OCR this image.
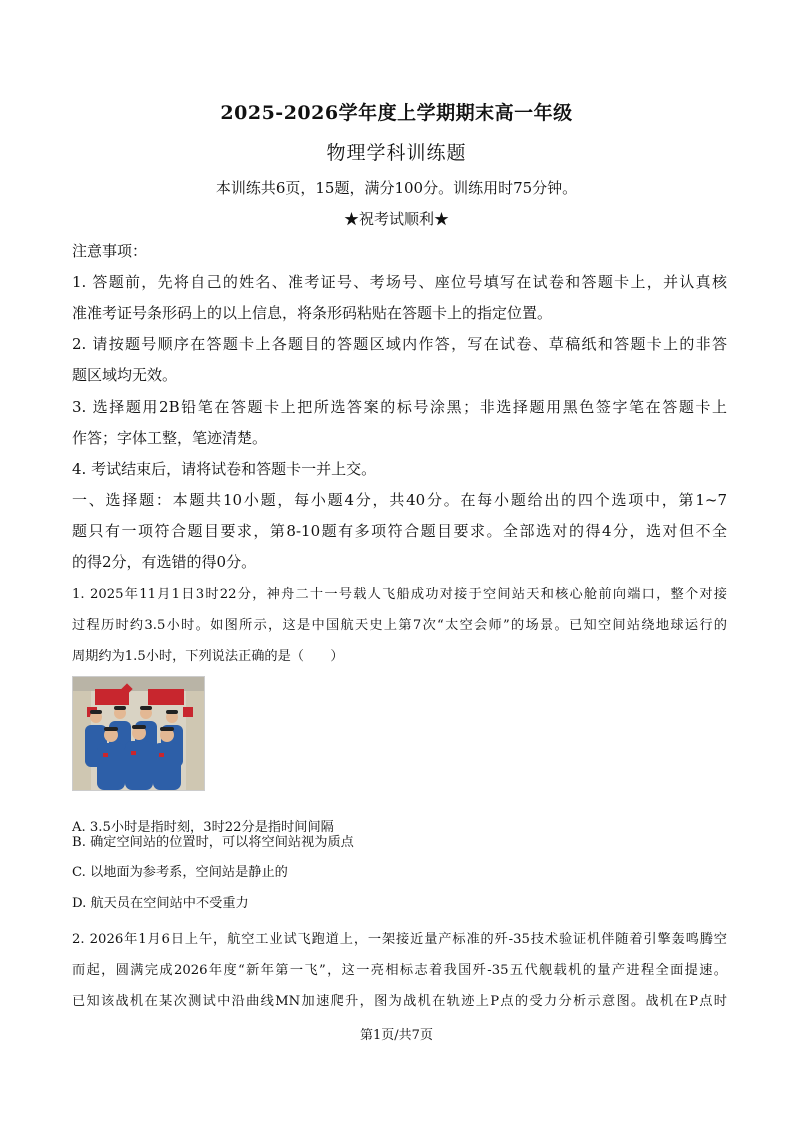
2025-2026学年度上学期期末高一年级
物理学科训练题
本训练共6页，15题，满分100分。训练用时75分钟。
★祝考试顺利★
注意事项：
1. 答题前，先将自己的姓名、准考证号、考场号、座位号填写在试卷和答题卡上，并认真核
准准考证号条形码上的以上信息，将条形码粘贴在答题卡上的指定位置。
2. 请按题号顺序在答题卡上各题目的答题区域内作答，写在试卷、草稿纸和答题卡上的非答
题区域均无效。
3. 选择题用2B铅笔在答题卡上把所选答案的标号涂黑；非选择题用黑色签字笔在答题卡上
作答；字体工整，笔迹清楚。
4. 考试结束后，请将试卷和答题卡一并上交。
一、选择题：本题共10小题，每小题4分，共40分。在每小题给出的四个选项中，第1~7
题只有一项符合题目要求，第8-10题有多项符合题目要求。全部选对的得4分，选对但不全
的得2分，有选错的得0分。
1. 2025年11月1日3时22分，神舟二十一号载人飞船成功对接于空间站天和核心舱前向端口，整个对接
过程历时约3.5小时。如图所示，这是中国航天史上第7次“太空会师”的场景。已知空间站绕地球运行的
周期约为1.5小时，下列说法正确的是（　　）
A. 3.5小时是指时刻，3时22分是指时间间隔
B. 确定空间站的位置时，可以将空间站视为质点
C. 以地面为参考系，空间站是静止的
D. 航天员在空间站中不受重力
2. 2026年1月6日上午，航空工业试飞跑道上，一架接近量产标准的歼-35技术验证机伴随着引擎轰鸣腾空
而起，圆满完成2026年度“新年第一飞”，这一亮相标志着我国歼-35五代舰载机的量产进程全面提速。
已知该战机在某次测试中沿曲线MN加速爬升，图为战机在轨迹上P点的受力分析示意图。战机在P点时
第1页/共7页
